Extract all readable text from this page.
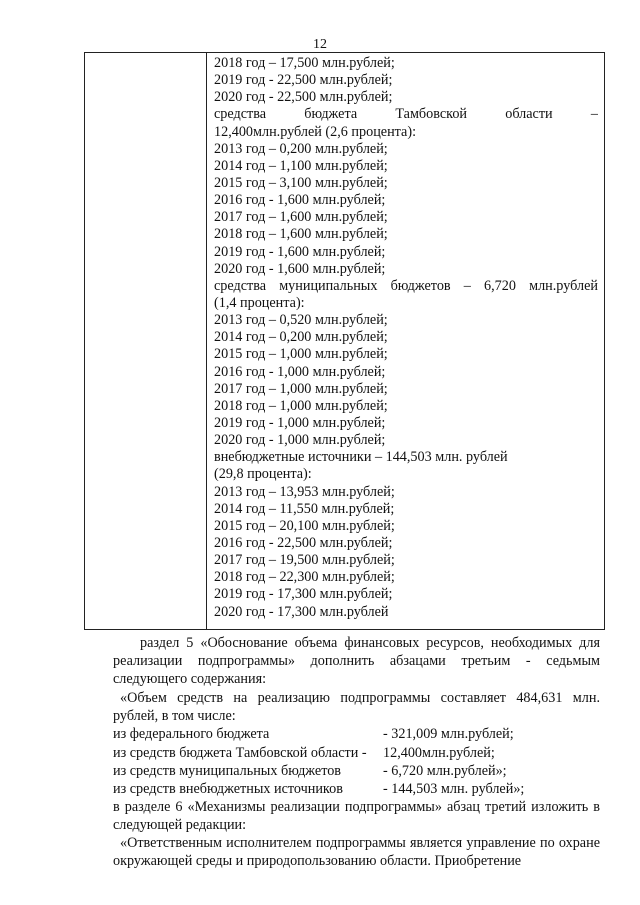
12
2018 год – 17,500 млн.рублей;
2019 год - 22,500 млн.рублей;
2020 год - 22,500 млн.рублей;
средства	бюджета	Тамбовской	области	–
12,400млн.рублей (2,6 процента):
2013 год – 0,200 млн.рублей;
2014 год – 1,100 млн.рублей;
2015 год – 3,100 млн.рублей;
2016 год - 1,600 млн.рублей;
2017 год – 1,600 млн.рублей;
2018 год – 1,600 млн.рублей;
2019 год - 1,600 млн.рублей;
2020 год - 1,600 млн.рублей;
средства муниципальных бюджетов – 6,720 млн.рублей
(1,4 процента):
2013 год – 0,520 млн.рублей;
2014 год – 0,200 млн.рублей;
2015 год – 1,000 млн.рублей;
2016 год - 1,000 млн.рублей;
2017 год – 1,000 млн.рублей;
2018 год – 1,000 млн.рублей;
2019 год - 1,000 млн.рублей;
2020 год - 1,000 млн.рублей;
внебюджетные источники – 144,503 млн. рублей
(29,8 процента):
2013 год – 13,953 млн.рублей;
2014 год – 11,550 млн.рублей;
2015 год – 20,100 млн.рублей;
2016 год - 22,500 млн.рублей;
2017 год – 19,500 млн.рублей;
2018 год – 22,300 млн.рублей;
2019 год - 17,300 млн.рублей;
2020 год - 17,300 млн.рублей
раздел 5 «Обоснование объема финансовых ресурсов, необходимых для реализации подпрограммы» дополнить абзацами третьим - седьмым следующего содержания:
«Объем средств на реализацию подпрограммы составляет 484,631 млн. рублей, в том числе:
из федерального бюджета	- 321,009 млн.рублей;
из средств бюджета Тамбовской области -	12,400млн.рублей;
из средств муниципальных бюджетов	- 6,720 млн.рублей»;
из средств внебюджетных источников	- 144,503 млн. рублей»;
в разделе 6 «Механизмы реализации подпрограммы» абзац третий изложить в следующей редакции:
«Ответственным исполнителем подпрограммы является управление по охране окружающей среды и природопользованию области. Приобретение
